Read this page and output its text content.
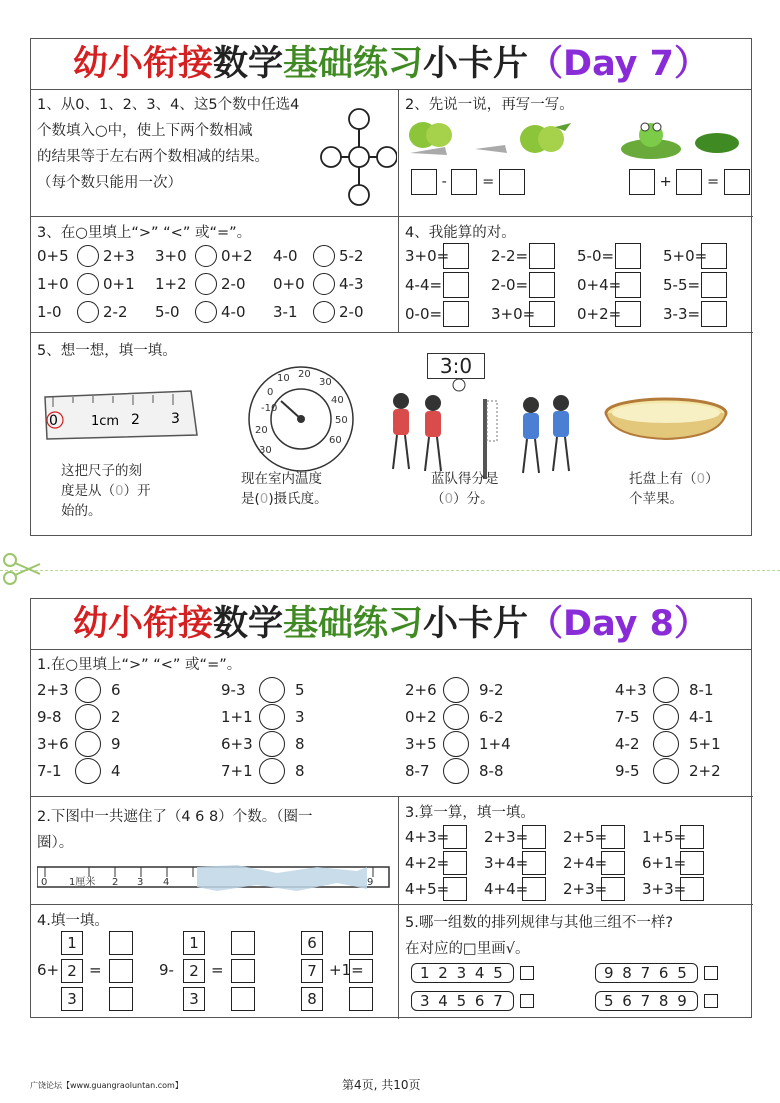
幼小衔接数学基础练习小卡片（Day 7）
1、从0、1、2、3、4、这5个数中任选4
个数填入○中，使上下两个数相减
的结果等于左右两个数相减的结果。
（每个数只能用一次）
2、先说一说，再写一写。
- =	+ =
3、在○里填上“>” “<” 或“=”。
0+5 2+3 3+0 0+2 4-0	5-2
1+0 0+1 1+2 2-0	0+0 4-3
1-0	2-2	5-0	4-0	3-1	2-0
4、我能算的对。
3+0=	2-2=	5-0=	5+0=
4-4=	2-0=	0+4=	5-5=
0-0=	3+0=	0+2=	3-3=
5、想一想，填一填。
0	1cm 2 3
-10
0
10 20
30
40
50
60
20
30
3:0
这把尺子的刻
度是从（0）开
始的。
现在室内温度
是(0)摄氏度。
蓝队得分是
（0）分。
托盘上有（0）
个苹果。
幼小衔接数学基础练习小卡片（Day 8）
1.在○里填上“>” “<” 或“=”。
2+3	6	9-3	5	2+6	9-2	4+3	8-1
9-8	2	1+1	3	0+2	6-2	7-5	4-1
3+6	9	6+3	8	3+5	1+4	4-2	5+1
7-1	4	7+1	8	8-7	8-8	9-5	2+2
2.下图中一共遮住了（4 6 8）个数。（圈一
圈）。
0 1厘米 2 3 4	9
3.算一算，填一填。
4+3=	2+3=	2+5=	1+5=
4+2=	3+4=	2+4=	6+1=
4+5=	4+4=	2+3=	3+3=
4.填一填。
6+
1
2
3
=	9-
1
2
3
=
6
7
8
+1=
5.哪一组数的排列规律与其他三组不一样?
在对应的□里画√。
1 2 3 4 5	9 8 7 6 5
3 4 5 6 7	5 6 7 8 9
广饶论坛【www.guangraoluntan.com】	第4页, 共10页
